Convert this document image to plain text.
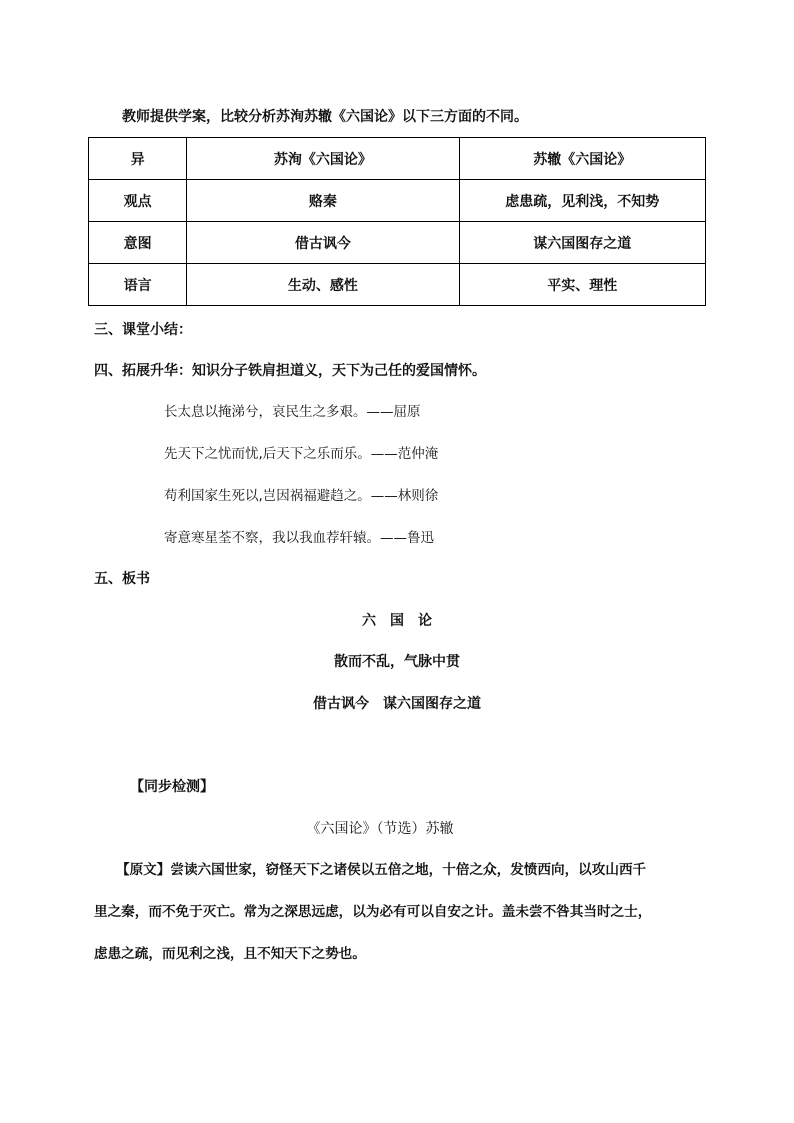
教师提供学案，比较分析苏洵苏辙《六国论》以下三方面的不同。
异	苏洵《六国论》	苏辙《六国论》
观点	赂秦	虑患疏，见利浅，不知势
意图	借古讽今	谋六国图存之道
语言	生动、感性	平实、理性
三、课堂小结：
四、拓展升华：知识分子铁肩担道义，天下为己任的爱国情怀。
长太息以掩涕兮，哀民生之多艰。——屈原
先天下之忧而忧,后天下之乐而乐。——范仲淹
苟利国家生死以,岂因祸福避趋之。——林则徐
寄意寒星荃不察，我以我血荐轩辕。——鲁迅
五、板书
六　国　论
散而不乱，气脉中贯
借古讽今　谋六国图存之道
【同步检测】
《六国论》（节选）苏辙
【原文】尝读六国世家，窃怪天下之诸侯以五倍之地，十倍之众，发愤西向，以攻山西千
里之秦，而不免于灭亡。常为之深思远虑，以为必有可以自安之计。盖未尝不咎其当时之士，
虑患之疏，而见利之浅，且不知天下之势也。
